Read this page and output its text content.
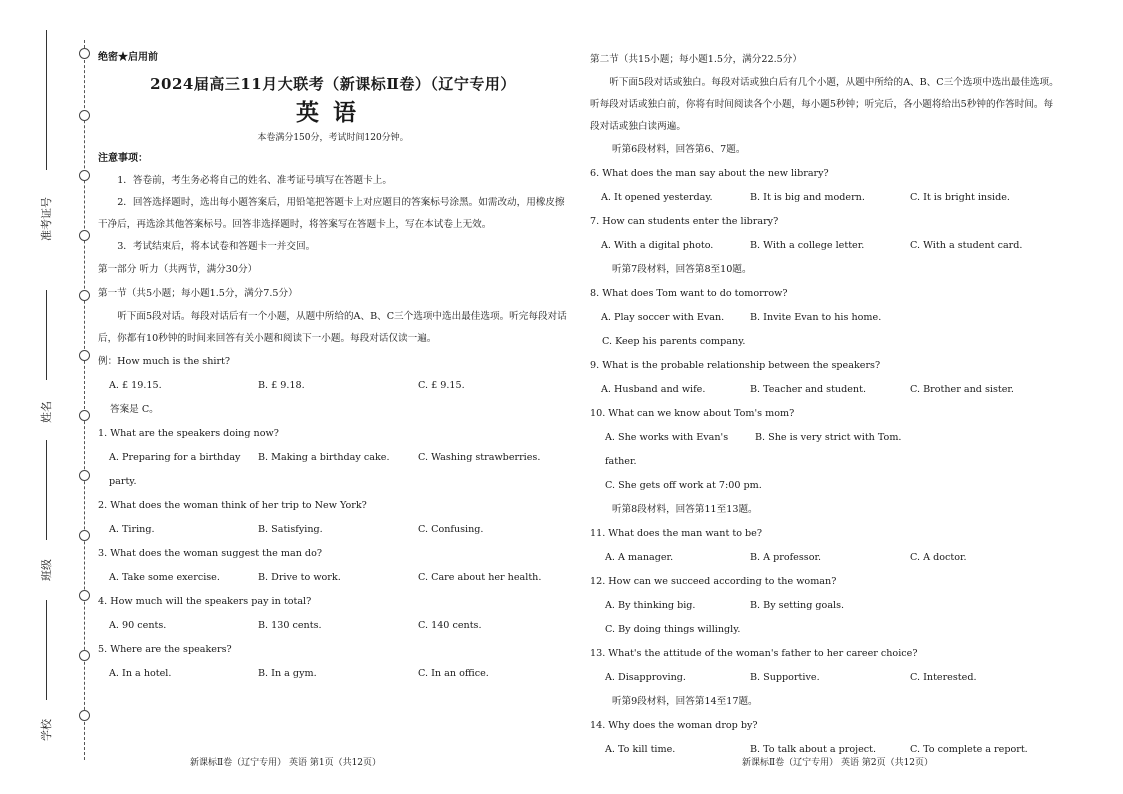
准考证号
姓名
班级
学校
绝密★启用前
2024届高三11月大联考（新课标Ⅱ卷）（辽宁专用）
英语
本卷满分150分，考试时间120分钟。
注意事项：
1．答卷前，考生务必将自己的姓名、准考证号填写在答题卡上。
2．回答选择题时，选出每小题答案后，用铅笔把答题卡上对应题目的答案标号涂黑。如需改动，用橡皮擦干净后，再选涂其他答案标号。回答非选择题时，将答案写在答题卡上，写在本试卷上无效。
3．考试结束后，将本试卷和答题卡一并交回。
第一部分 听力（共两节，满分30分）
第一节（共5小题；每小题1.5分，满分7.5分）
听下面5段对话。每段对话后有一个小题，从题中所给的A、B、C三个选项中选出最佳选项。听完每段对话后，你都有10秒钟的时间来回答有关小题和阅读下一小题。每段对话仅读一遍。
例：How much is the shirt?
A. £ 19.15.	B. £ 9.18.	C. £ 9.15.
答案是 C。
1. What are the speakers doing now?
A. Preparing for a birthday party.
B. Making a birthday cake.	C. Washing strawberries.
2. What does the woman think of her trip to New York?
A. Tiring.	B. Satisfying.	C. Confusing.
3. What does the woman suggest the man do?
A. Take some exercise.	B. Drive to work.	C. Care about her health.
4. How much will the speakers pay in total?
A. 90 cents.	B. 130 cents.	C. 140 cents.
5. Where are the speakers?
A. In a hotel.	B. In a gym.	C. In an office.
第二节（共15小题；每小题1.5分，满分22.5分）
听下面5段对话或独白。每段对话或独白后有几个小题，从题中所给的A、B、C三个选项中选出最佳选项。听每段对话或独白前，你将有时间阅读各个小题，每小题5秒钟；听完后，各小题将给出5秒钟的作答时间。每段对话或独白读两遍。
听第6段材料，回答第6、7题。
6. What does the man say about the new library?
A. It opened yesterday.	B. It is big and modern.	C. It is bright inside.
7. How can students enter the library?
A. With a digital photo.	B. With a college letter.	C. With a student card.
听第7段材料，回答第8至10题。
8. What does Tom want to do tomorrow?
A. Play soccer with Evan.	B. Invite Evan to his home.
C. Keep his parents company.
9. What is the probable relationship between the speakers?
A. Husband and wife.	B. Teacher and student.	C. Brother and sister.
10. What can we know about Tom's mom?
A. She works with Evan's father.
B. She is very strict with Tom.
C. She gets off work at 7:00 pm.
听第8段材料，回答第11至13题。
11. What does the man want to be?
A. A manager.	B. A professor.	C. A doctor.
12. How can we succeed according to the woman?
A. By thinking big.	B. By setting goals.
C. By doing things willingly.
13. What's the attitude of the woman's father to her career choice?
A. Disapproving.	B. Supportive.	C. Interested.
听第9段材料，回答第14至17题。
14. Why does the woman drop by?
A. To kill time.	B. To talk about a project.	C. To complete a report.
新课标Ⅱ卷（辽宁专用） 英语 第1页（共12页）	新课标Ⅱ卷（辽宁专用） 英语 第2页（共12页）
